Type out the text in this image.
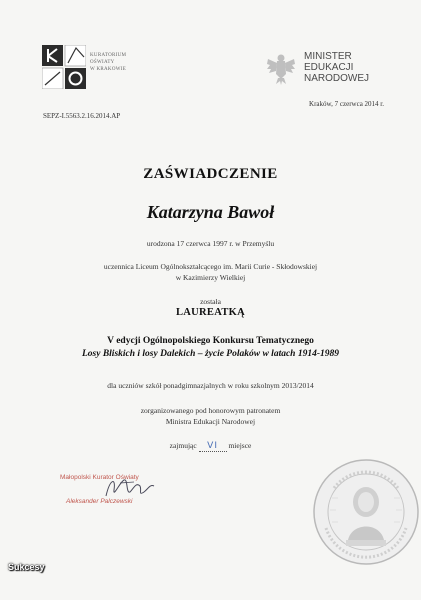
KURATORIUM
OŚWIATY
W KRAKOWIE
MINISTER
EDUKACJI
NARODOWEJ
Kraków, 7 czerwca 2014 r.
SEPZ-I.5563.2.16.2014.AP
ZAŚWIADCZENIE
Katarzyna Bawoł
urodzona 17 czerwca 1997 r. w Przemyślu
uczennica Liceum Ogólnokształcącego im. Marii Curie - Skłodowskiej
w Kazimierzy Wielkiej
została
LAUREATKĄ
V edycji Ogólnopolskiego Konkursu Tematycznego
Losy Bliskich i losy Dalekich – życie Polaków w latach 1914-1989
dla uczniów szkół ponadgimnazjalnych w roku szkolnym 2013/2014
zorganizowanego pod honorowym patronatem
Ministra Edukacji Narodowej
zajmując VI miejsce
Małopolski Kurator Oświaty
Aleksander Palczewski
Sukcesy
